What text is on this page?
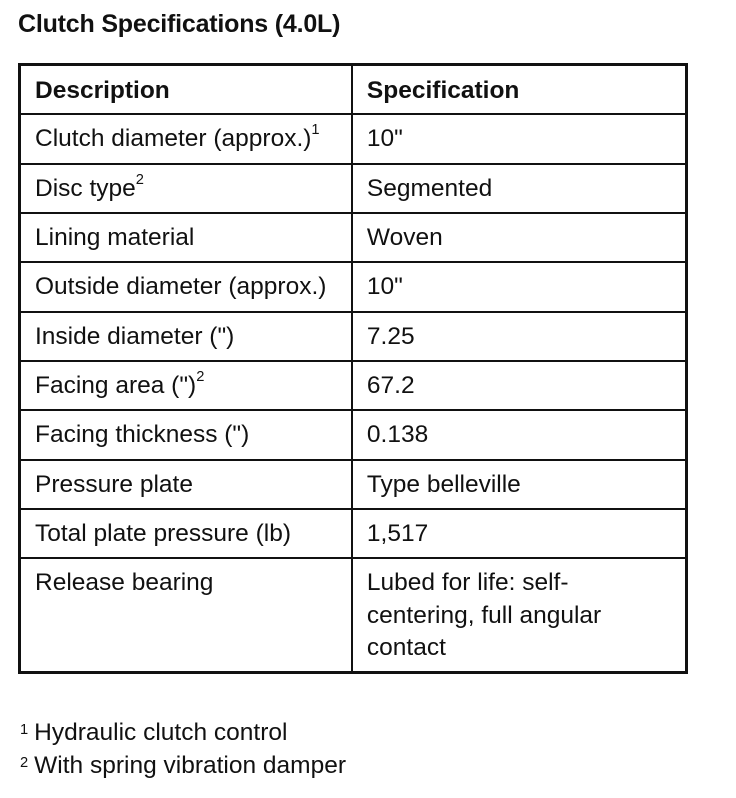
Clutch Specifications (4.0L)
Description	Specification
Clutch diameter (approx.)$^1$	10"
Disc type$^2$	Segmented
Lining material	Woven
Outside diameter (approx.)	10"
Inside diameter (")	7.25
Facing area (")$^2$	67.2
Facing thickness (")	0.138
Pressure plate	Type belleville
Total plate pressure (lb)	1,517
Release bearing	Lubed for life: self-centering, full angular contact
$^1$ Hydraulic clutch control
$^2$ With spring vibration damper
